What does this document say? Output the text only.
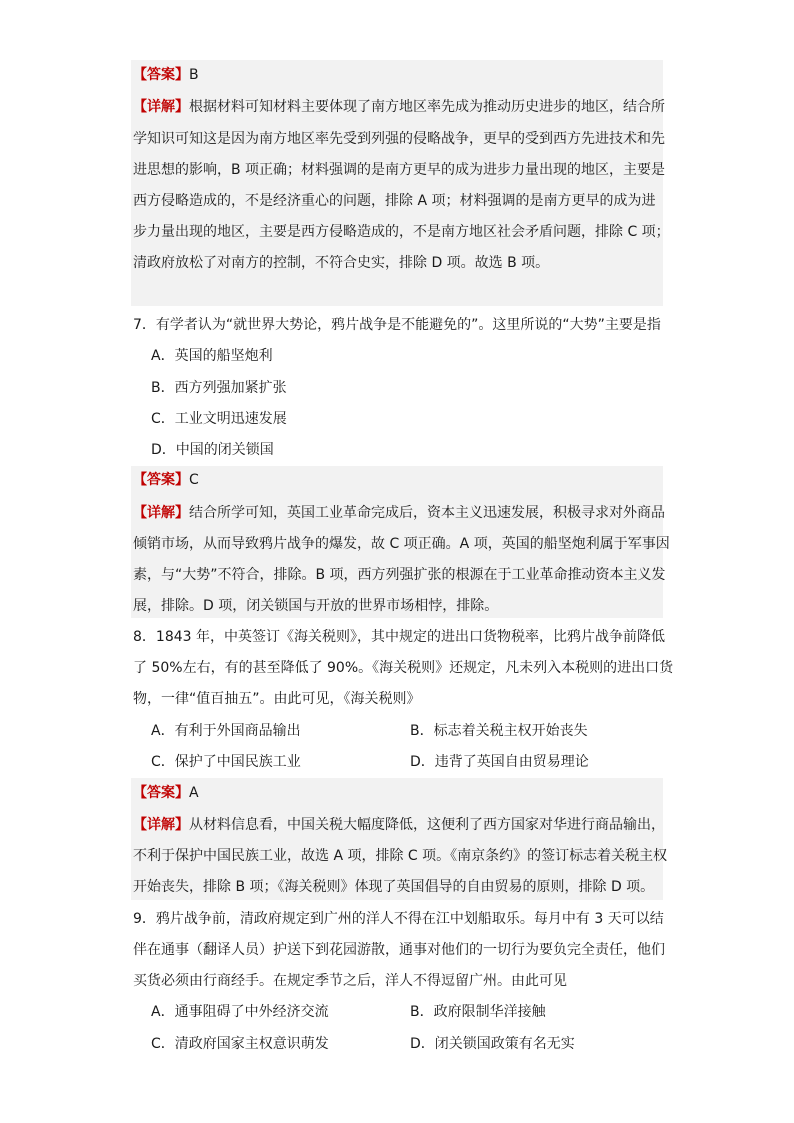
【答案】B
【详解】根据材料可知材料主要体现了南方地区率先成为推动历史进步的地区，结合所
学知识可知这是因为南方地区率先受到列强的侵略战争，更早的受到西方先进技术和先
进思想的影响，B 项正确；材料强调的是南方更早的成为进步力量出现的地区，主要是
西方侵略造成的，不是经济重心的问题，排除 A 项；材料强调的是南方更早的成为进
步力量出现的地区，主要是西方侵略造成的，不是南方地区社会矛盾问题，排除 C 项；
清政府放松了对南方的控制，不符合史实，排除 D 项。故选 B 项。
7．有学者认为“就世界大势论，鸦片战争是不能避免的”。这里所说的“大势”主要是指
A．英国的船坚炮利
B．西方列强加紧扩张
C．工业文明迅速发展
D．中国的闭关锁国
【答案】C
【详解】结合所学可知，英国工业革命完成后，资本主义迅速发展，积极寻求对外商品
倾销市场，从而导致鸦片战争的爆发，故 C 项正确。A 项，英国的船坚炮利属于军事因
素，与“大势”不符合，排除。B 项，西方列强扩张的根源在于工业革命推动资本主义发
展，排除。D 项，闭关锁国与开放的世界市场相悖，排除。
8．1843 年，中英签订《海关税则》，其中规定的进出口货物税率，比鸦片战争前降低
了 50%左右，有的甚至降低了 90%。《海关税则》还规定，凡未列入本税则的进出口货
物，一律“值百抽五”。由此可见，《海关税则》
A．有利于外国商品输出	B．标志着关税主权开始丧失
C．保护了中国民族工业	D．违背了英国自由贸易理论
【答案】A
【详解】从材料信息看，中国关税大幅度降低，这便利了西方国家对华进行商品输出，
不利于保护中国民族工业，故选 A 项，排除 C 项。《南京条约》的签订标志着关税主权
开始丧失，排除 B 项；《海关税则》体现了英国倡导的自由贸易的原则，排除 D 项。
9．鸦片战争前，清政府规定到广州的洋人不得在江中划船取乐。每月中有 3 天可以结
伴在通事（翻译人员）护送下到花园游散，通事对他们的一切行为要负完全责任，他们
买货必须由行商经手。在规定季节之后，洋人不得逗留广州。由此可见
A．通事阻碍了中外经济交流	B．政府限制华洋接触
C．清政府国家主权意识萌发	D．闭关锁国政策有名无实
